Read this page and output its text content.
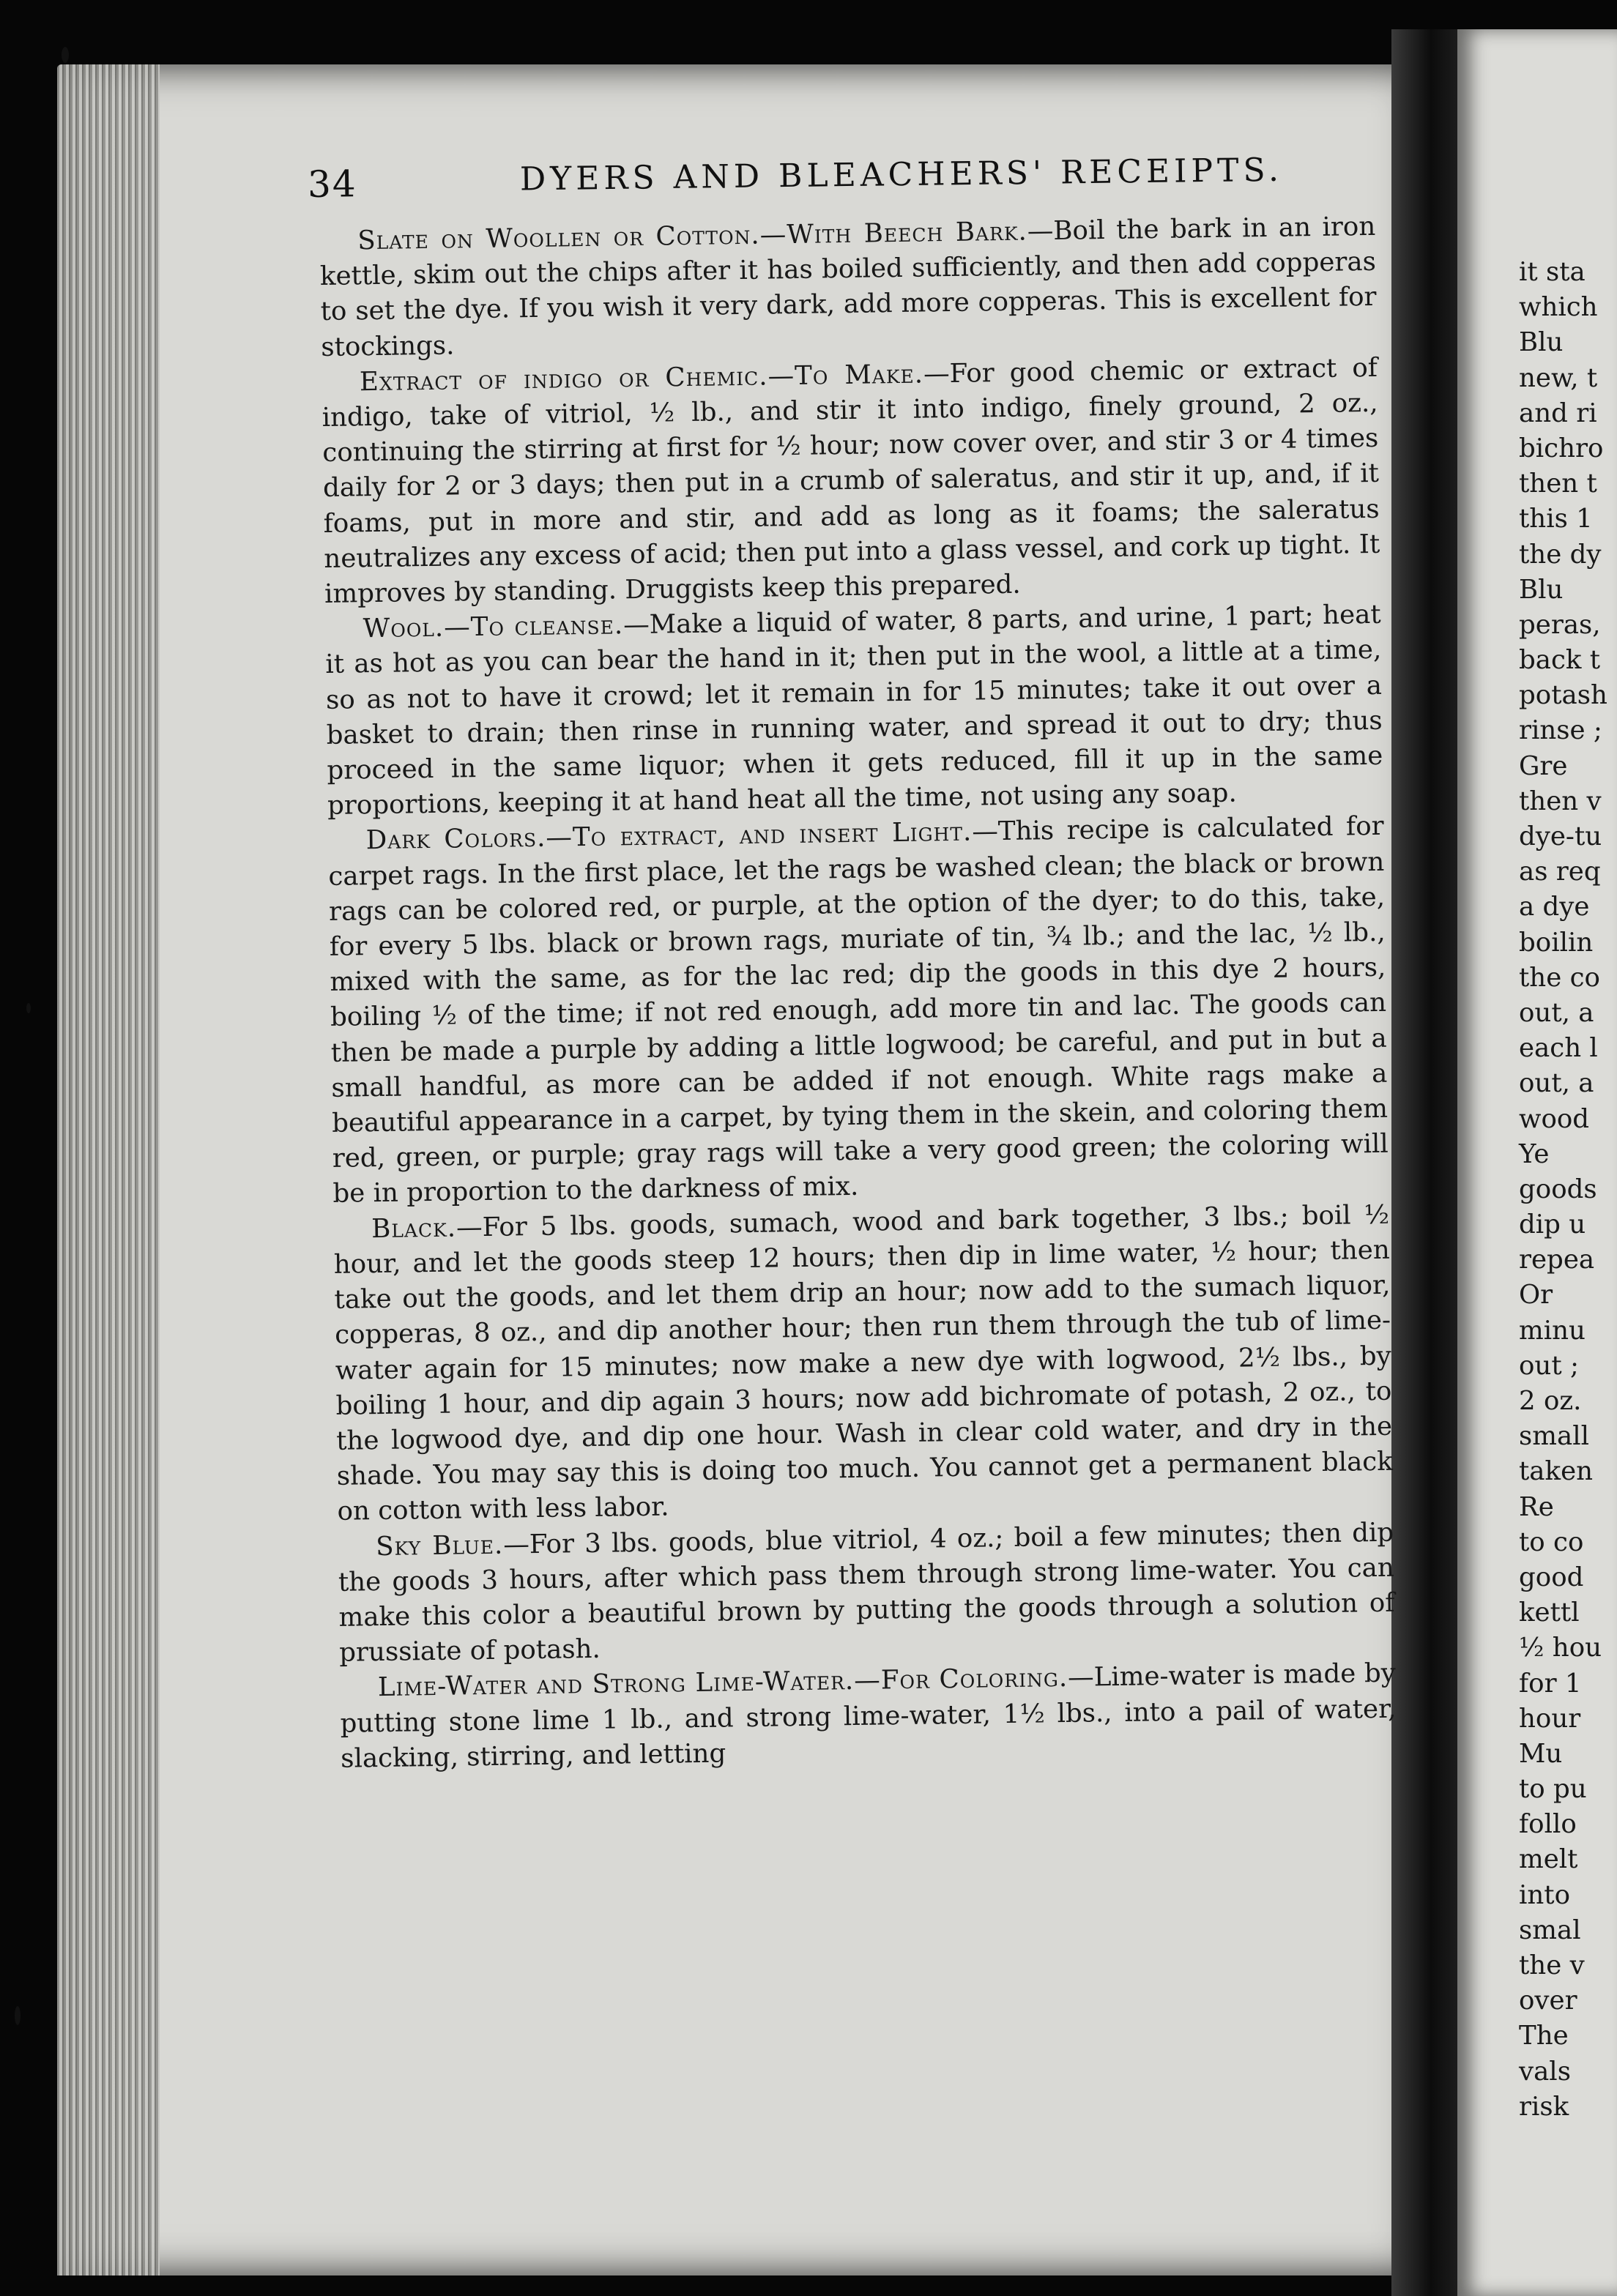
it sta
which
Blu
new, t
and ri
bichro
then t
this 1
the dy
Blu
peras,
back t
potash
rinse ;
Gre
then v
dye-tu
as req
a dye
boilin
the co
out, a
each l
out, a
wood
Ye
goods
dip u
repea
Or
minu
out ;
2 oz.
small
taken
Re
to co
good
kettl
½ hou
for 1
hour
Mu
to pu
follo
melt
into
smal
the v
over
The
vals
risk
34	DYERS AND BLEACHERS' RECEIPTS.
Slate on Woollen or Cotton.—With Beech Bark.—Boil the bark in an iron kettle, skim out the chips after it has boiled sufficiently, and then add copperas to set the dye. If you wish it very dark, add more copperas. This is excellent for stockings.
Extract of indigo or Chemic.—To Make.—For good chemic or extract of indigo, take of vitriol, ½ lb., and stir it into indigo, finely ground, 2 oz., continuing the stirring at first for ½ hour; now cover over, and stir 3 or 4 times daily for 2 or 3 days; then put in a crumb of saleratus, and stir it up, and, if it foams, put in more and stir, and add as long as it foams; the saleratus neutralizes any excess of acid; then put into a glass vessel, and cork up tight. It improves by standing. Druggists keep this prepared.
Wool.—To cleanse.—Make a liquid of water, 8 parts, and urine, 1 part; heat it as hot as you can bear the hand in it; then put in the wool, a little at a time, so as not to have it crowd; let it remain in for 15 minutes; take it out over a basket to drain; then rinse in running water, and spread it out to dry; thus proceed in the same liquor; when it gets reduced, fill it up in the same proportions, keeping it at hand heat all the time, not using any soap.
Dark Colors.—To extract, and insert Light.—This recipe is calculated for carpet rags. In the first place, let the rags be washed clean; the black or brown rags can be colored red, or purple, at the option of the dyer; to do this, take, for every 5 lbs. black or brown rags, muriate of tin, ¾ lb.; and the lac, ½ lb., mixed with the same, as for the lac red; dip the goods in this dye 2 hours, boiling ½ of the time; if not red enough, add more tin and lac. The goods can then be made a purple by adding a little logwood; be careful, and put in but a small handful, as more can be added if not enough. White rags make a beautiful appearance in a carpet, by tying them in the skein, and coloring them red, green, or purple; gray rags will take a very good green; the coloring will be in proportion to the darkness of mix.
Black.—For 5 lbs. goods, sumach, wood and bark together, 3 lbs.; boil ½ hour, and let the goods steep 12 hours; then dip in lime water, ½ hour; then take out the goods, and let them drip an hour; now add to the sumach liquor, copperas, 8 oz., and dip another hour; then run them through the tub of lime-water again for 15 minutes; now make a new dye with logwood, 2½ lbs., by boiling 1 hour, and dip again 3 hours; now add bichromate of potash, 2 oz., to the logwood dye, and dip one hour. Wash in clear cold water, and dry in the shade. You may say this is doing too much. You cannot get a permanent black on cotton with less labor.
Sky Blue.—For 3 lbs. goods, blue vitriol, 4 oz.; boil a few minutes; then dip the goods 3 hours, after which pass them through strong lime-water. You can make this color a beautiful brown by putting the goods through a solution of prussiate of potash.
Lime-Water and Strong Lime-Water.—For Coloring.—Lime-water is made by putting stone lime 1 lb., and strong lime-water, 1½ lbs., into a pail of water, slacking, stirring, and letting
